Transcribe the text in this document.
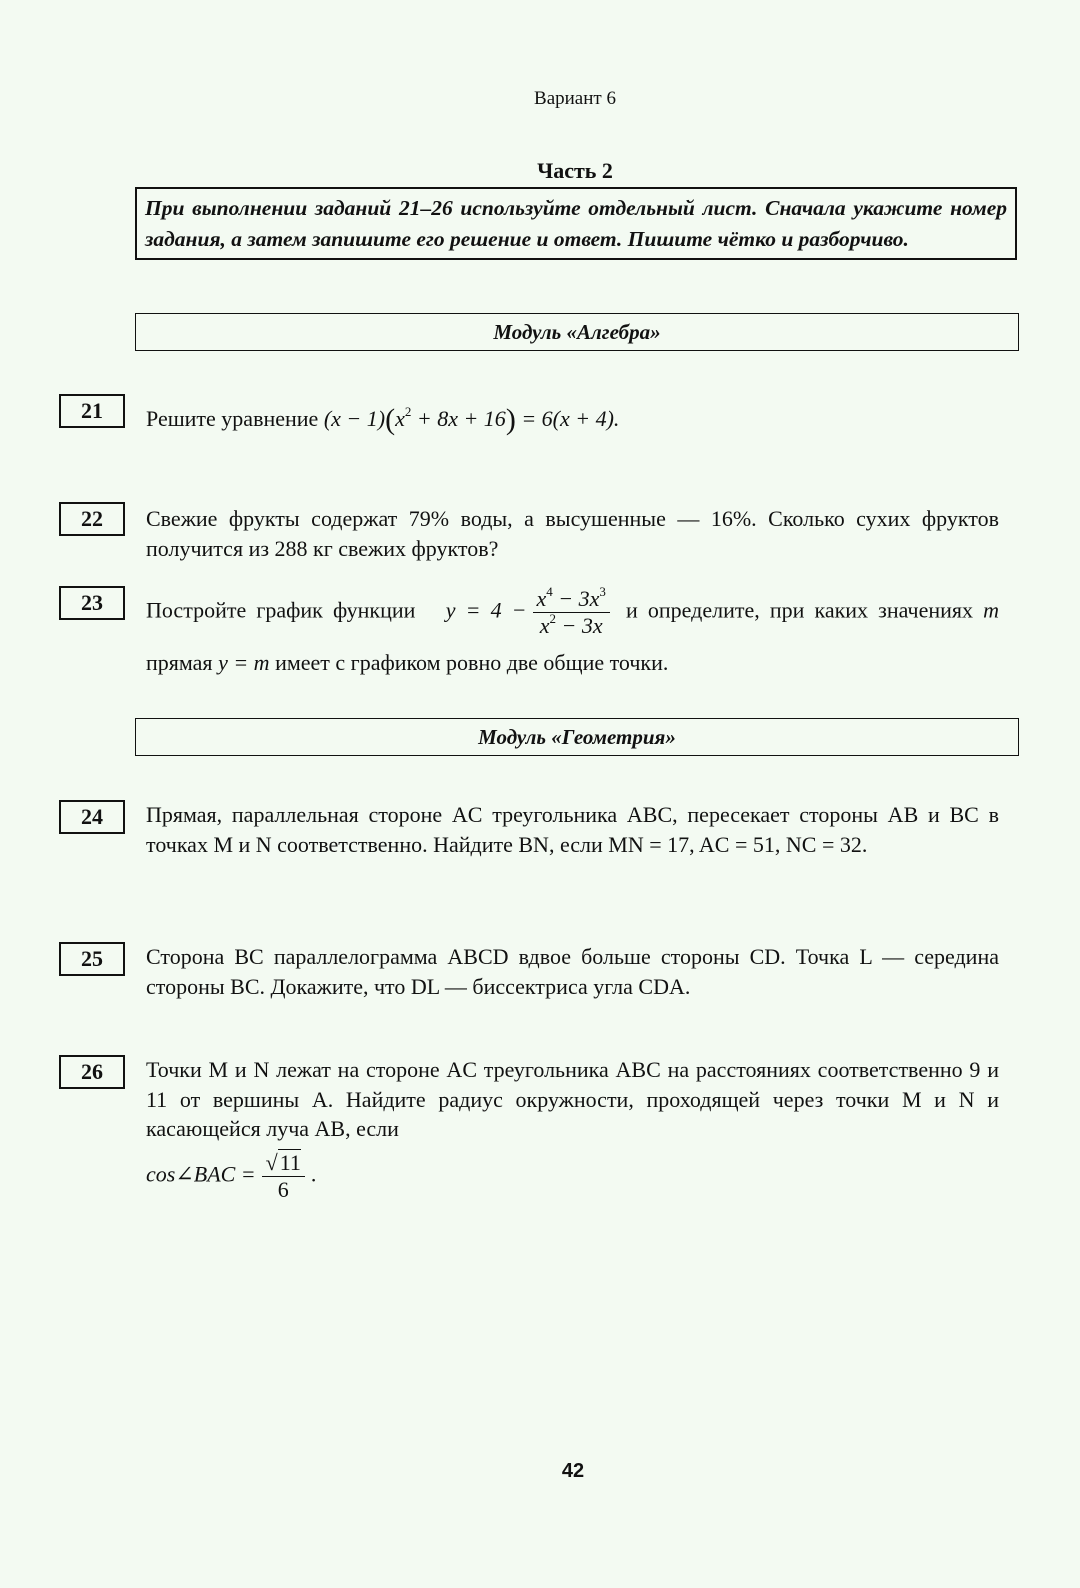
Вариант 6
Часть 2
При выполнении заданий 21–26 используйте отдельный лист. Сначала укажите номер задания, а затем запишите его решение и ответ. Пишите чётко и разборчиво.
Модуль «Алгебра»
21	Решите уравнение $(x - 1)(x^2 + 8x + 16) = 6(x + 4)$.
22	Свежие фрукты содержат 79% воды, а высушенные — 16%. Сколько сухих фруктов получится из 288 кг свежих фруктов?
23	Постройте график функции $y = 4 - \frac{x^4 - 3x^3}{x^2 - 3x}$ и определите, при каких значениях m прямая y = m имеет с графиком ровно две общие точки.
Модуль «Геометрия»
24	Прямая, параллельная стороне AC треугольника ABC, пересекает стороны AB и BC в точках M и N соответственно. Найдите BN, если MN = 17, AC = 51, NC = 32.
25	Сторона BC параллелограмма ABCD вдвое больше стороны CD. Точка L — середина стороны BC. Докажите, что DL — биссектриса угла CDA.
26	Точки M и N лежат на стороне AC треугольника ABC на расстояниях соответственно 9 и 11 от вершины A. Найдите радиус окружности, проходящей через точки M и N и касающейся луча AB, если
cos∠BAC = $\frac{√11}{6}$ .
42
